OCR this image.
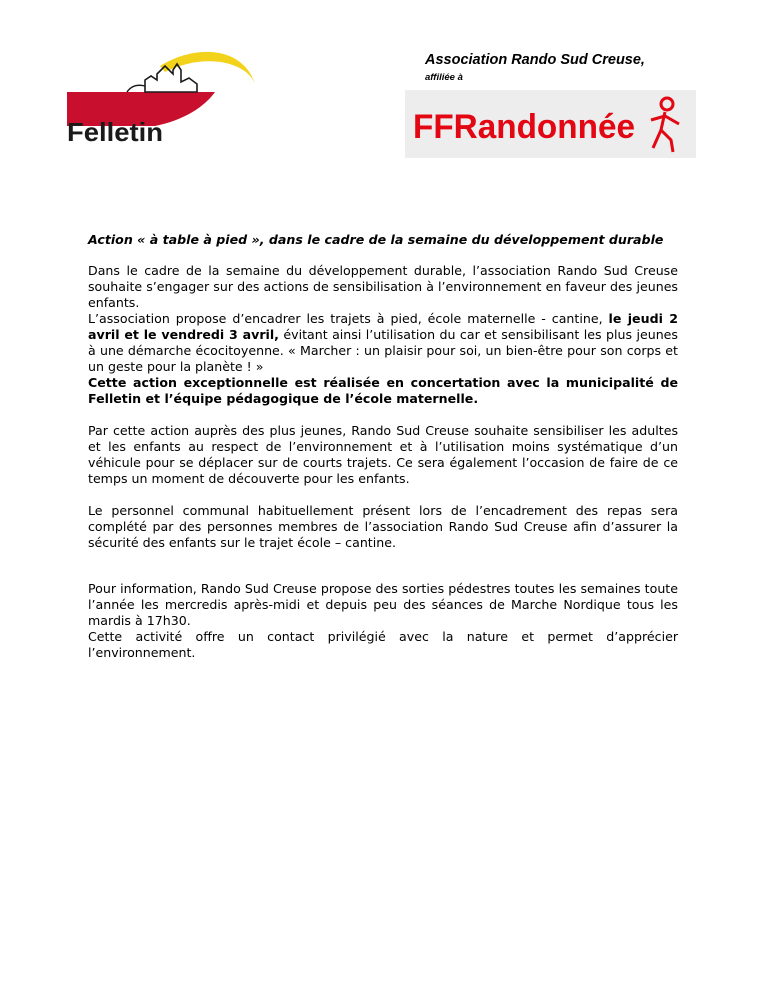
Felletin
Association Rando Sud Creuse,
affiliée à
FFRandonnée
Action « à table à pied », dans le cadre de la semaine du développement durable

Dans le cadre de la semaine du développement durable, l’association Rando Sud Creuse souhaite s’engager sur des actions de sensibilisation à l’environnement en faveur des jeunes enfants.

L’association propose d’encadrer les trajets à pied, école maternelle - cantine, le jeudi 2 avril et le vendredi 3 avril, évitant ainsi l’utilisation du car et sensibilisant les plus jeunes à une démarche écocitoyenne. « Marcher : un plaisir pour soi, un bien-être pour son corps et un geste pour la planète ! »

Cette action exceptionnelle est réalisée en concertation avec la municipalité de Felletin et l’équipe pédagogique de l’école maternelle.

Par cette action auprès des plus jeunes, Rando Sud Creuse souhaite sensibiliser les adultes et les enfants au respect de l’environnement et à l’utilisation moins systématique d’un véhicule pour se déplacer sur de courts trajets. Ce sera également l’occasion de faire de ce temps un moment de découverte pour les enfants.

Le personnel communal habituellement présent lors de l’encadrement des repas sera complété par des personnes membres de l’association Rando Sud Creuse afin d’assurer la sécurité des enfants sur le trajet école – cantine.

Pour information, Rando Sud Creuse propose des sorties pédestres toutes les semaines toute l’année les mercredis après-midi et depuis peu des séances de Marche Nordique tous les mardis à 17h30.

Cette activité offre un contact privilégié avec la nature et permet d’apprécier l’environnement.
